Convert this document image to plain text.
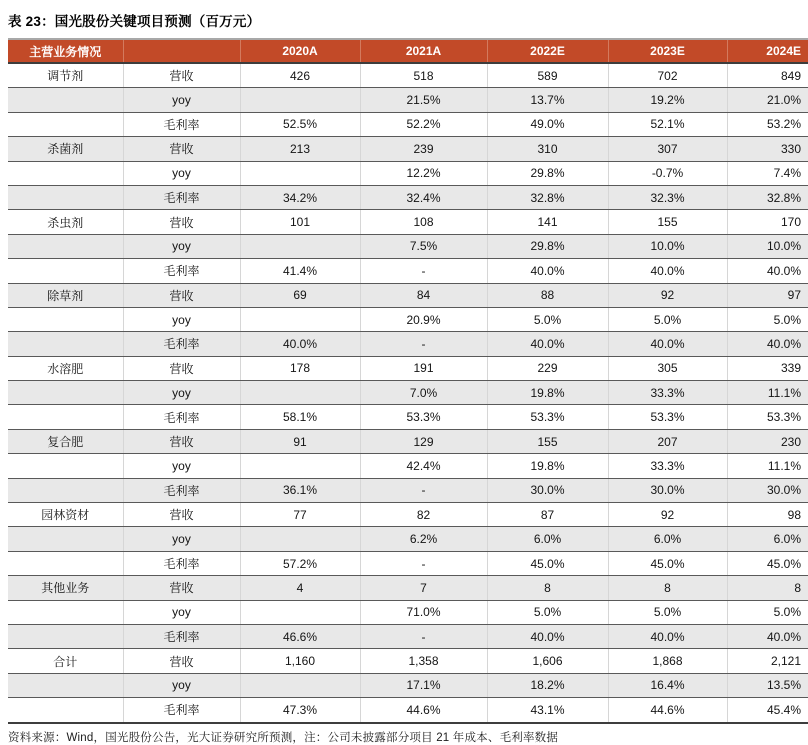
表 23：国光股份关键项目预测（百万元）
主营业务情况		2020A	2021A	2022E	2023E	2024E
调节剂	营收	426	518	589	702	849
	yoy		21.5%	13.7%	19.2%	21.0%
	毛利率	52.5%	52.2%	49.0%	52.1%	53.2%
杀菌剂	营收	213	239	310	307	330
	yoy		12.2%	29.8%	-0.7%	7.4%
	毛利率	34.2%	32.4%	32.8%	32.3%	32.8%
杀虫剂	营收	101	108	141	155	170
	yoy		7.5%	29.8%	10.0%	10.0%
	毛利率	41.4%	-	40.0%	40.0%	40.0%
除草剂	营收	69	84	88	92	97
	yoy		20.9%	5.0%	5.0%	5.0%
	毛利率	40.0%	-	40.0%	40.0%	40.0%
水溶肥	营收	178	191	229	305	339
	yoy		7.0%	19.8%	33.3%	11.1%
	毛利率	58.1%	53.3%	53.3%	53.3%	53.3%
复合肥	营收	91	129	155	207	230
	yoy		42.4%	19.8%	33.3%	11.1%
	毛利率	36.1%	-	30.0%	30.0%	30.0%
园林资材	营收	77	82	87	92	98
	yoy		6.2%	6.0%	6.0%	6.0%
	毛利率	57.2%	-	45.0%	45.0%	45.0%
其他业务	营收	4	7	8	8	8
	yoy		71.0%	5.0%	5.0%	5.0%
	毛利率	46.6%	-	40.0%	40.0%	40.0%
合计	营收	1,160	1,358	1,606	1,868	2,121
	yoy		17.1%	18.2%	16.4%	13.5%
	毛利率	47.3%	44.6%	43.1%	44.6%	45.4%
资料来源：Wind，国光股份公告，光大证券研究所预测，注：公司未披露部分项目 21 年成本、毛利率数据
